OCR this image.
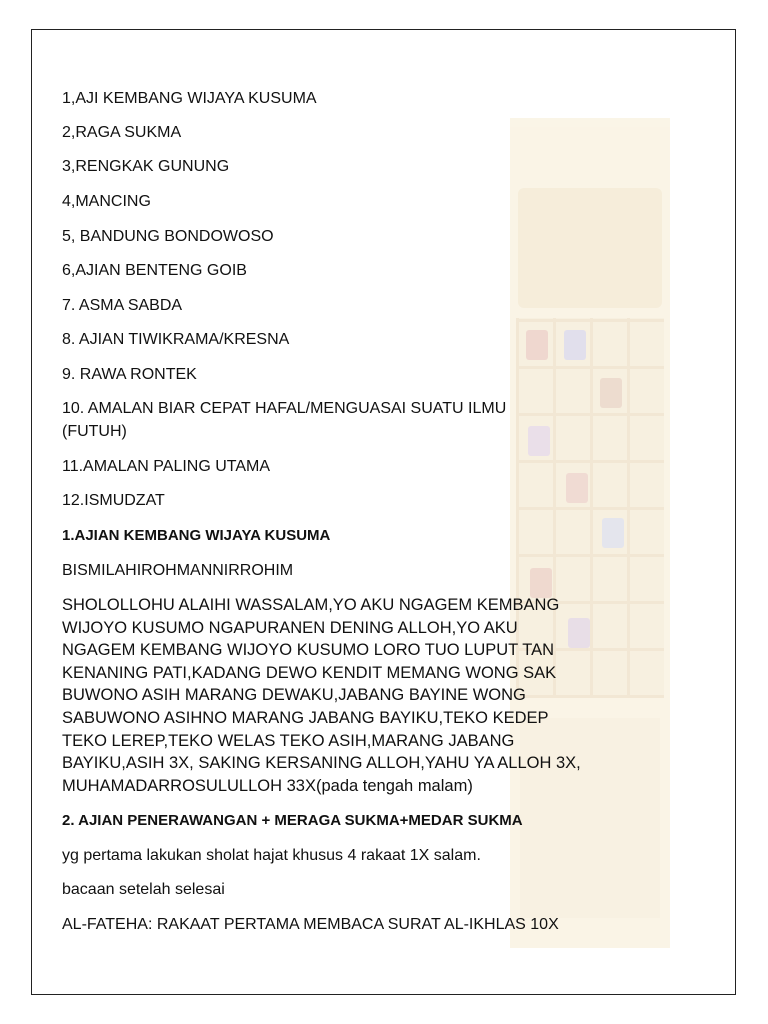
1,AJI KEMBANG WIJAYA KUSUMA

2,RAGA SUKMA

3,RENGKAK GUNUNG

4,MANCING

5, BANDUNG BONDOWOSO

6,AJIAN BENTENG GOIB

7. ASMA SABDA

8. AJIAN TIWIKRAMA/KRESNA

9. RAWA RONTEK

10. AMALAN BIAR CEPAT HAFAL/MENGUASAI SUATU ILMU

(FUTUH)

11.AMALAN PALING UTAMA

12.ISMUDZAT

1.AJIAN KEMBANG WIJAYA KUSUMA

BISMILAHIROHMANNIRROHIM

SHOLOLLOHU ALAIHI WASSALAM,YO AKU NGAGEM KEMBANG
WIJOYO KUSUMO NGAPURANEN DENING ALLOH,YO AKU
NGAGEM KEMBANG WIJOYO KUSUMO LORO TUO LUPUT TAN
KENANING PATI,KADANG DEWO KENDIT MEMANG WONG SAK
BUWONO ASIH MARANG DEWAKU,JABANG BAYINE WONG
SABUWONO ASIHNO MARANG JABANG BAYIKU,TEKO KEDEP
TEKO LEREP,TEKO WELAS TEKO ASIH,MARANG JABANG
BAYIKU,ASIH 3X, SAKING KERSANING ALLOH,YAHU YA ALLOH 3X,
MUHAMADARROSULULLOH 33X(pada tengah malam)

2. AJIAN PENERAWANGAN + MERAGA SUKMA+MEDAR SUKMA

yg pertama lakukan sholat hajat khusus 4 rakaat 1X salam.

bacaan setelah selesai

AL-FATEHA: RAKAAT PERTAMA MEMBACA SURAT AL-IKHLAS 10X
